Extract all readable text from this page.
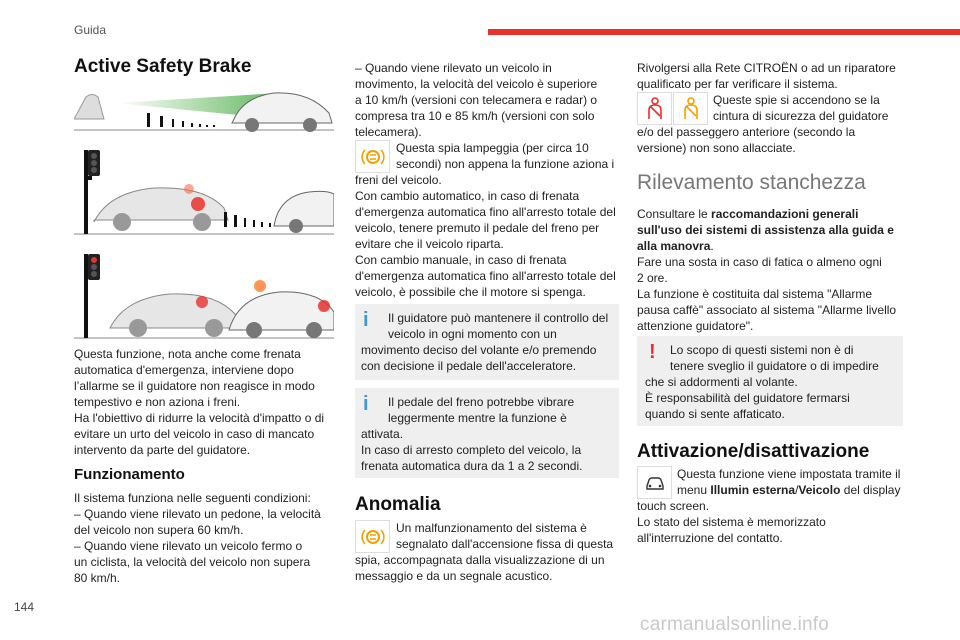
Guida
144
carmanualsonline.info
Active Safety Brake
Questa funzione, nota anche come frenata
automatica d'emergenza, interviene dopo
l’allarme se il guidatore non reagisce in modo
tempestivo e non aziona i freni.
Ha l'obiettivo di ridurre la velocità d'impatto o di
evitare un urto del veicolo in caso di mancato
intervento da parte del guidatore.
Funzionamento
Il sistema funziona nelle seguenti condizioni:
– Quando viene rilevato un pedone, la velocità
del veicolo non supera 60 km/h.
– Quando viene rilevato un veicolo fermo o
un ciclista, la velocità del veicolo non supera
80 km/h.
– Quando viene rilevato un veicolo in
movimento, la velocità del veicolo è superiore
a 10 km/h (versioni con telecamera e radar) o
compresa tra 10 e 85 km/h (versioni con solo
telecamera).
Questa spia lampeggia (per circa 10
secondi) non appena la funzione aziona i
freni del veicolo.
Con cambio automatico, in caso di frenata
d'emergenza automatica fino all'arresto totale del
veicolo, tenere premuto il pedale del freno per
evitare che il veicolo riparta.
Con cambio manuale, in caso di frenata
d'emergenza automatica fino all'arresto totale del
veicolo, è possibile che il motore si spenga.
i Il guidatore può mantenere il controllo del
veicolo in ogni momento con un
movimento deciso del volante e/o premendo
con decisione il pedale dell'acceleratore.
i Il pedale del freno potrebbe vibrare
leggermente mentre la funzione è
attivata.
In caso di arresto completo del veicolo, la
frenata automatica dura da 1 a 2 secondi.
Anomalia
Un malfunzionamento del sistema è
segnalato dall'accensione fissa di questa
spia, accompagnata dalla visualizzazione di un
messaggio e da un segnale acustico.
Rivolgersi alla Rete CITROËN o ad un riparatore
qualificato per far verificare il sistema.
Queste spie si accendono se la
cintura di sicurezza del guidatore
e/o del passeggero anteriore (secondo la
versione) non sono allacciate.
Rilevamento stanchezza
Consultare le raccomandazioni generali
sull'uso dei sistemi di assistenza alla guida e
alla manovra.
Fare una sosta in caso di fatica o almeno ogni
2 ore.
La funzione è costituita dal sistema "Allarme
pausa caffè" associato al sistema "Allarme livello
attenzione guidatore".
! Lo scopo di questi sistemi non è di
tenere sveglio il guidatore o di impedire
che si addormenti al volante.
È responsabilità del guidatore fermarsi
quando si sente affaticato.
Attivazione/disattivazione
Questa funzione viene impostata tramite il
menu Illumin esterna/Veicolo del display
touch screen.
Lo stato del sistema è memorizzato
all'interruzione del contatto.
